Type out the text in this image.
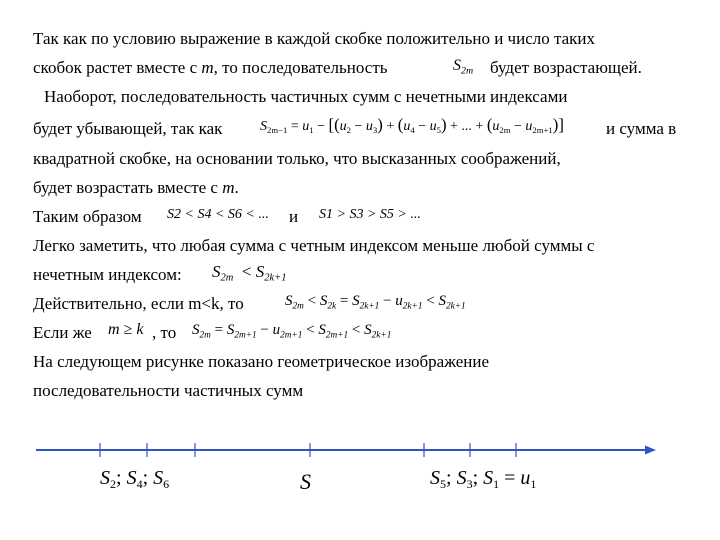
Так как по условию выражение в каждой скобке положительно и число таких
скобок растет вместе с m, то последовательность	$S_{2m}$ будет возрастающей.
Наоборот, последовательность частичных сумм с нечетными индексами
будет убывающей, так как	$S_{2m-1} = u_1 - [(u_2 - u_3) + (u_4 - u_5)$ + ... + $(u_{2m} - u_{2m+1})$] и сумма в
квадратной скобке, на основании только, что высказанных соображений,
будет возрастать вместе с m.
Таким образом S2 < S4 < S6 < ... и S1 > S3 > S5 > ...
Легко заметить, что любая сумма с четным индексом меньше любой суммы с
нечетным индексом: $S_{2m} < S_{2k+1}$
Действительно, если m<k, то	$S_{2m} < S_{2k} = S_{2k+1} - u_{2k+1} < S_{2k+1}$
Если же m ≥ k , то $S_{2m} = S_{2m+1} - u_{2m+1} < S_{2m+1} < S_{2k+1}$
На следующем рисунке показано геометрическое изображение
последовательности частичных сумм
$S_2$; $S_4$; $S_6$	S	$S_5$; $S_3$; $S_1 = u_1$
